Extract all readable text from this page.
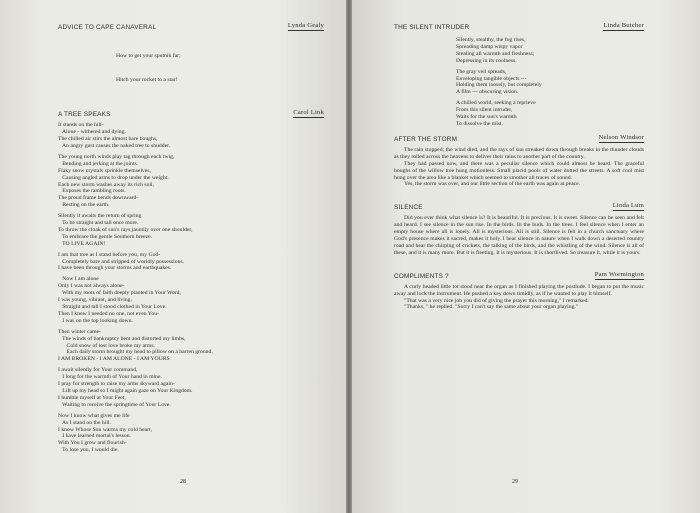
ADVICE TO CAPE CANAVERAL	Lynda Gealy

How to get your sputnik far;

Hitch your rocket to a star!

A TREE SPEAKS	Carol Link
It stands on the hill-
Alone - withered and dying.
The chilled air stirs the almost bare boughs,
An angry gust causes the naked tree to shudder.
The young north winds play tag through each twig,
Bending and jerking at the joints.
Flaky snow crystals sprinkle themselves,
Causing angled arms to drop under the weight.
Each new storm washes away its rich soil,
Exposes the rambling roots.
The proud frame bends downward-
Resting on the earth.
Silently it awaits the return of spring
To be straight and tall once more.
To throw the cloak of sun's rays jauntily over one shoulder,
To embrace the gentle Southern breeze.
TO LIVE AGAIN!
I am that tree as I stand before you, my God-
Completely bare and stripped of worldly possessions.
I have been through your storms and earthquakes.
Now I am alone
Only I was not always alone-
With my roots of faith deeply planted in Your Word,
I was young, vibrant, and living.
Straight and tall I stood clothed in Your Love.
Then I knew I needed no one, not even You-
I was on the top looking down.
Then winter came-
The winds of bankruptcy bent and distorted my limbs,
Cold snow of lost love broke my arms.
Each daily storm brought my head to pillow on a barren ground.
I AM BROKEN - I AM ALONE - I AM YOURS
I await silently for Your command,
I long for the warmth of Your hand in mine.
I pray for strength to raise my arms skyward again-
Lift up my head so I might again gaze on Your Kingdom.
I humble myself at Your Feet,
Waiting to receive the springtime of Your Love.
Now I know what gives me life
As I stand on the hill.
I know Whose Son warms my cold heart,
I have learned mortal's lesson.
With You I grow and flourish-
To lose you, I would die.
28
THE SILENT INTRUDER	Linda Butcher
Silently, stealthy, the fog rises,
Spreading damp wispy vapor
Stealing all warmth and freshness;
Depressing in its coolness.
The gray veil spreads,
Enveloping tangible objects ---
Holding them loosely, but completely
A film --- obscuring vision.
A chilled world, seeking a reprieve
From this silent intruder,
Waits for the sun's warmth
To dissolve the mist.
AFTER THE STORM	Nelson Windsor

The rain stopped; the wind died, and the rays of sun streaked down through breaks in the thunder clouds as they rolled across the heavens to deliver their rains to another part of the country.

They had passed now, and there was a peculiar silence which could almost be heard. The graceful boughs of the willow tree hung motionless. Small placid pools of water dotted the streets. A soft cool mist hung over the area like a blanket which seemed to smother all traces of sound.

Yes, the storm was over, and our little section of the earth was again at peace.

SILENCE	Linda Lum

Did you ever think what silence is? It is beautiful. It is precious. It is sweet. Silence can be seen and felt and heard. I see silence in the sun rise. In the birds. In the buds. In the trees. I feel silence when I enter an empty house where all is lonely. All is mysterious. All is still. Silence is felt in a church sanctuary where God's presence makes it sacred, makes it holy. I hear silence in nature when I walk down a deserted country road and hear the chirping of crickets, the talking of the birds, and the whistling of the wind. Silence is all of these, and it is many more. But it is fleeting. It is mysterious. It is shortlived. So treasure it, while it is yours.

COMPLIMENTS ?	Pam Wormington

A curly headed little tot stood near the organ as I finished playing the postlude. I began to put the music away and lock the instrument. He pushed a key down timidly, as if he wanted to play it himself.

"That was a very nice job you did of giving the prayer this morning," I remarked.

"Thanks, " he replied. "Sorry I can't say the same about your organ playing."

29
